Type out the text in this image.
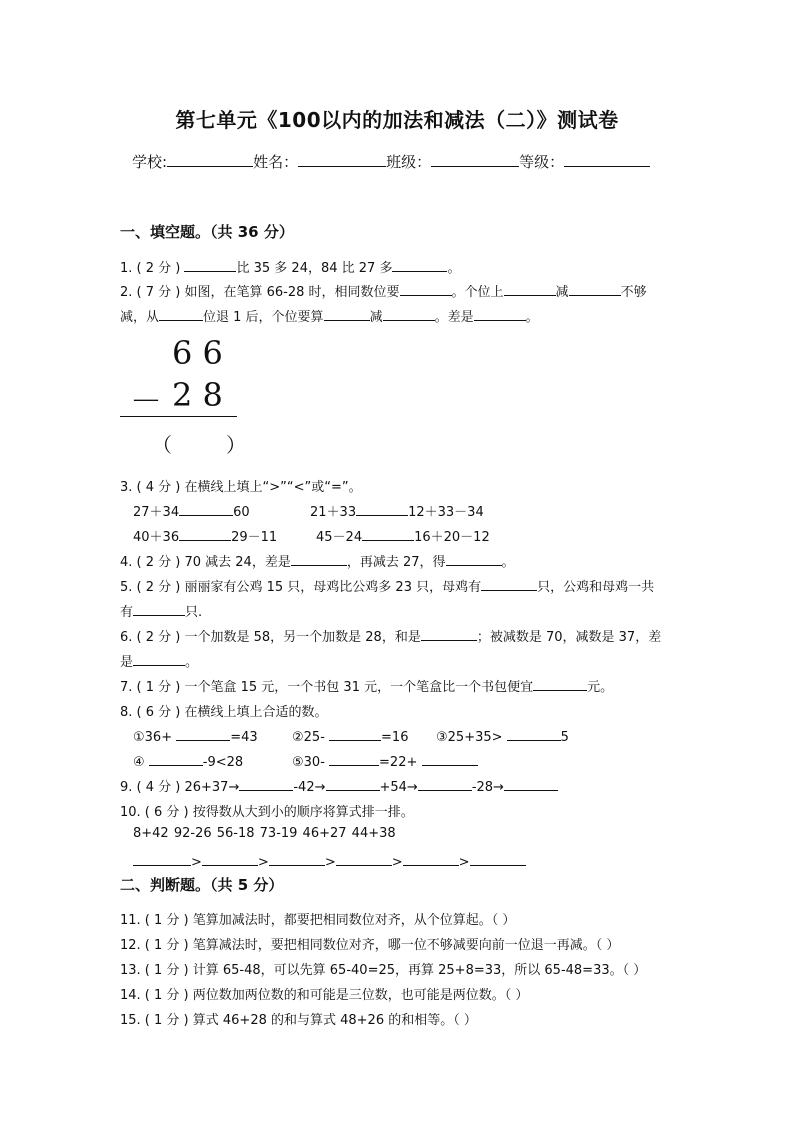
第七单元《100以内的加法和减法（二）》测试卷
学校:	姓名：	班级：	等级：
一、填空题。（共 36 分）
1. ( 2 分 )	比 35 多 24，84 比 27 多	。
2. ( 7 分 ) 如图，在笔算 66-28 时，相同数位要	。个位上	减	不够
减，从	位退 1 后，个位要算	减	。差是	。
6 6
－ 2 8
（	）
3. ( 4 分 ) 在横线上填上“>”“<”或“=”。
27＋34	60	21＋33	12＋33－34
40＋36	29－11	45－24	16＋20－12
4. ( 2 分 ) 70 减去 24，差是	，再减去 27，得	。
5. ( 2 分 ) 丽丽家有公鸡 15 只，母鸡比公鸡多 23 只，母鸡有	只，公鸡和母鸡一共
有	只.
6. ( 2 分 ) 一个加数是 58，另一个加数是 28，和是	；被减数是 70，减数是 37，差
是	。
7. ( 1 分 ) 一个笔盒 15 元，一个书包 31 元，一个笔盒比一个书包便宜	元。
8. ( 6 分 ) 在横线上填上合适的数。
①36+	=43	②25-	=16 ③25+35>	5
④	-9<28	⑤30-	=22+
9. ( 4 分 ) 26+37→	-42→	+54→	-28→
10. ( 6 分 ) 按得数从大到小的顺序将算式排一排。
8+42 92-26 56-18 73-19 46+27 44+38
>	>	>	>	>
二、判断题。（共 5 分）
11. ( 1 分 ) 笔算加减法时，都要把相同数位对齐，从个位算起。（ ）
12. ( 1 分 ) 笔算减法时，要把相同数位对齐，哪一位不够减要向前一位退一再减。（ ）
13. ( 1 分 ) 计算 65-48，可以先算 65-40=25，再算 25+8=33，所以 65-48=33。（ ）
14. ( 1 分 ) 两位数加两位数的和可能是三位数，也可能是两位数。（ ）
15. ( 1 分 ) 算式 46+28 的和与算式 48+26 的和相等。（ ）
